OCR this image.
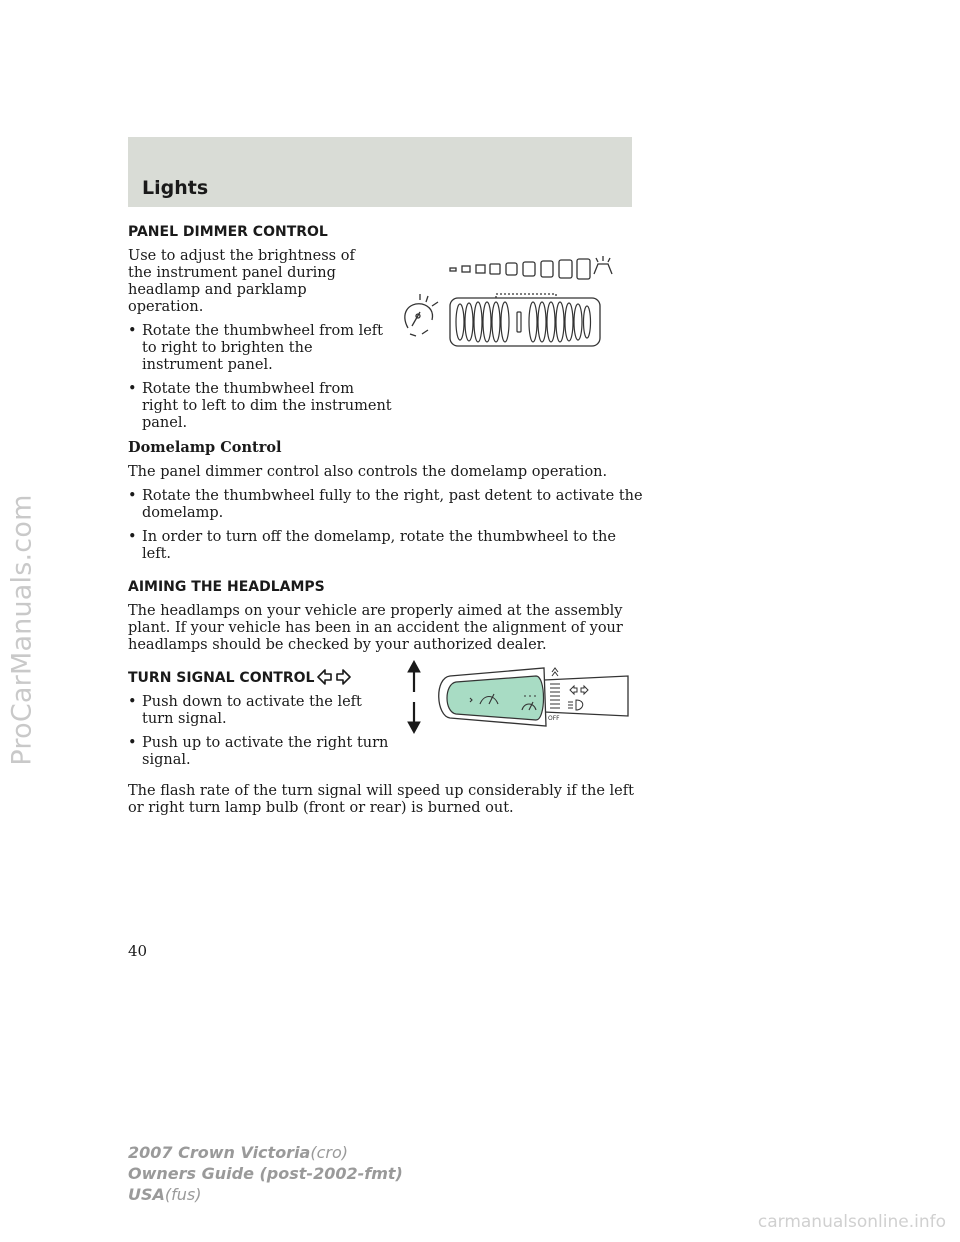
ProCarManuals.com
Lights
PANEL DIMMER CONTROL

Use to adjust the brightness of the instrument panel during headlamp and parklamp operation.

• Rotate the thumbwheel from left to right to brighten the instrument panel.
• Rotate the thumbwheel from right to left to dim the instrument panel.
Domelamp Control

The panel dimmer control also controls the domelamp operation.

• Rotate the thumbwheel fully to the right, past detent to activate the domelamp.
• In order to turn off the domelamp, rotate the thumbwheel to the left.
AIMING THE HEADLAMPS

The headlamps on your vehicle are properly aimed at the assembly plant. If your vehicle has been in an accident the alignment of your headlamps should be checked by your authorized dealer.

TURN SIGNAL CONTROL
• Push down to activate the left turn signal.
• Push up to activate the right turn signal.

The flash rate of the turn signal will speed up considerably if the left or right turn lamp bulb (front or rear) is burned out.

OFF
40
2007 Crown Victoria(cro)
Owners Guide (post-2002-fmt)
USA(fus)
carmanualsonline.info
